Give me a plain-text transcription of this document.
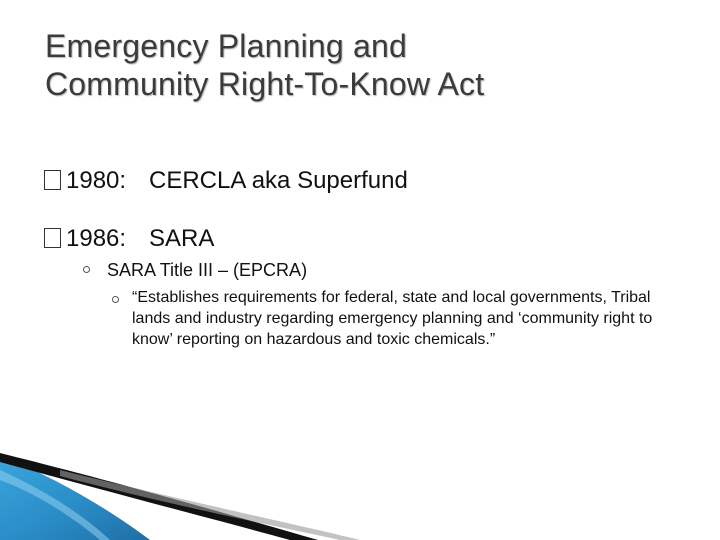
Emergency Planning and
Community Right-To-Know Act
1980: CERCLA aka Superfund
1986: SARA
SARA Title III – (EPCRA)
“Establishes requirements for federal, state and local governments, Tribal lands and industry regarding emergency planning and ‘community right to know’ reporting on hazardous and toxic chemicals.”
